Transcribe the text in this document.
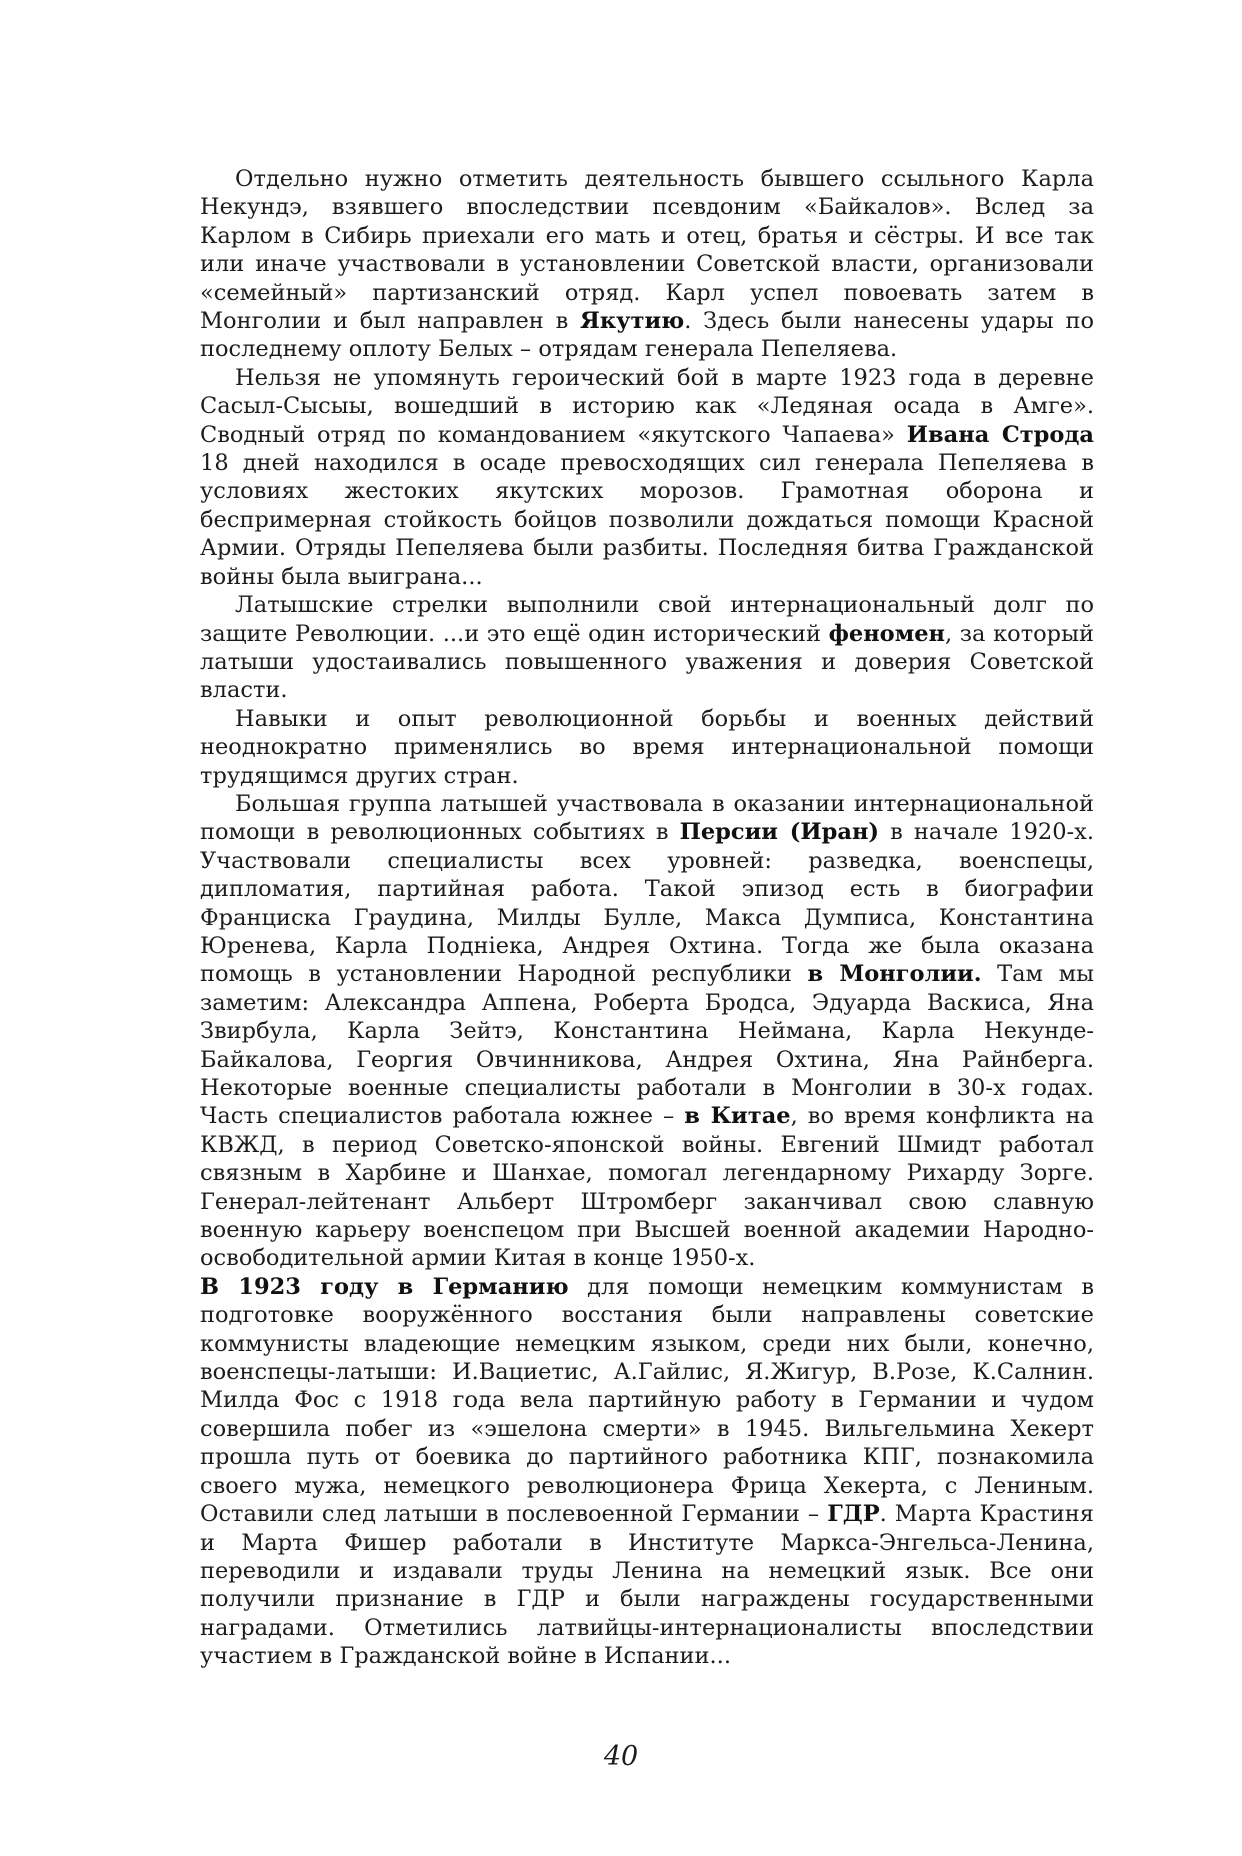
Отдельно нужно отметить деятельность бывшего ссыльного Карла Некундэ, взявшего впоследствии псевдоним «Байкалов». Вслед за Карлом в Сибирь приехали его мать и отец, братья и сёстры. И все так или иначе участвовали в установлении Советской власти, организовали «семейный» партизанский отряд. Карл успел повоевать затем в Монголии и был направлен в Якутию. Здесь были нанесены удары по последнему оплоту Белых – отрядам генерала Пепеляева.

Нельзя не упомянуть героический бой в марте 1923 года в деревне Сасыл-Сысыы, вошедший в историю как «Ледяная осада в Амге». Сводный отряд по командованием «якутского Чапаева» Ивана Строда 18 дней находился в осаде превосходящих сил генерала Пепеляева в условиях жестоких якутских морозов. Грамотная оборона и беспримерная стойкость бойцов позволили дождаться помощи Красной Армии. Отряды Пепеляева были разбиты. Последняя битва Гражданской войны была выиграна...

Латышские стрелки выполнили свой интернациональный долг по защите Революции. ...и это ещё один исторический феномен, за который латыши удостаивались повышенного уважения и доверия Советской власти.

Навыки и опыт революционной борьбы и военных действий неоднократно применялись во время интернациональной помощи трудящимся других стран.

Большая группа латышей участвовала в оказании интернациональной помощи в революционных событиях в Персии (Иран) в начале 1920-х. Участвовали специалисты всех уровней: разведка, военспецы, дипломатия, партийная работа. Такой эпизод есть в биографии Франциска Граудина, Милды Булле, Макса Думписа, Константина Юренева, Карла Поднieка, Андрея Охтина. Тогда же была оказана помощь в установлении Народной республики в Монголии. Там мы заметим: Александра Аппена, Роберта Бродса, Эдуарда Васкиса, Яна Звирбула, Карла Зейтэ, Константина Неймана, Карла Некунде-Байкалова, Георгия Овчинникова, Андрея Охтина, Яна Райнберга. Некоторые военные специалисты работали в Монголии в 30-х годах. Часть специалистов работала южнее – в Китае, во время конфликта на КВЖД, в период Советско-японской войны. Евгений Шмидт работал связным в Харбине и Шанхае, помогал легендарному Рихарду Зорге. Генерал-лейтенант Альберт Штромберг заканчивал свою славную военную карьеру военспецом при Высшей военной академии Народно-освободительной армии Китая в конце 1950-х.

В 1923 году в Германию для помощи немецким коммунистам в подготовке вооружённого восстания были направлены советские коммунисты владеющие немецким языком, среди них были, конечно, военспецы-латыши: И.Вациетис, А.Гайлис, Я.Жигур, В.Розе, К.Салнин. Милда Фос с 1918 года вела партийную работу в Германии и чудом совершила побег из «эшелона смерти» в 1945. Вильгельмина Хекерт прошла путь от боевика до партийного работника КПГ, познакомила своего мужа, немецкого революционера Фрица Хекерта, с Лениным. Оставили след латыши в послевоенной Германии – ГДР. Марта Крастиня и Марта Фишер работали в Институте Маркса-Энгельса-Ленина, переводили и издавали труды Ленина на немецкий язык. Все они получили признание в ГДР и были награждены государственными наградами. Отметились латвийцы-интернационалисты впоследствии участием в Гражданской войне в Испании...

40
